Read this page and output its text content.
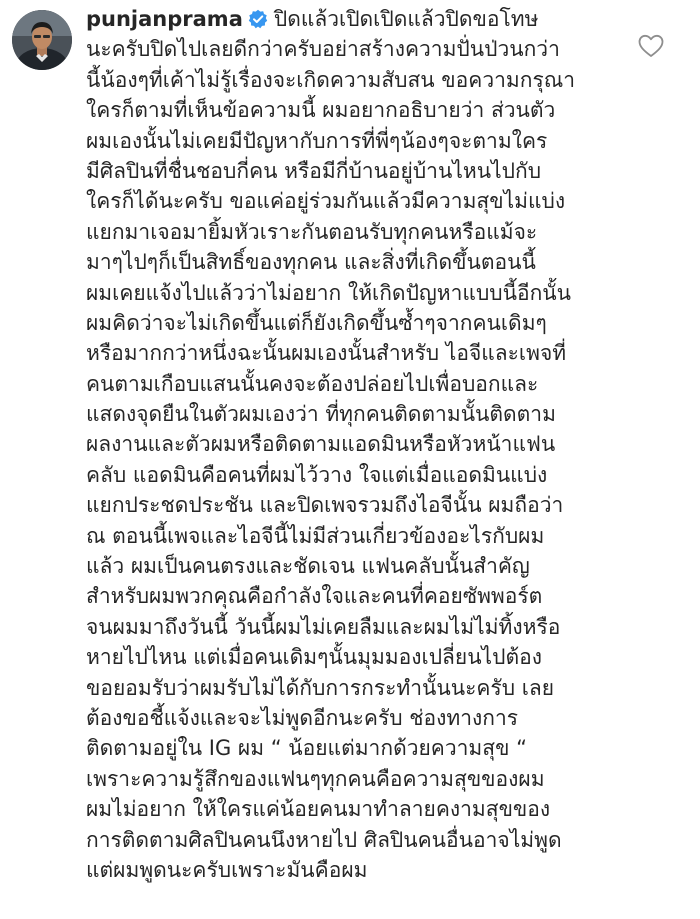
punjanprama ปิดแล้วเปิดเปิดแล้วปิดขอโทษ
นะครับปิดไปเลยดีกว่าครับอย่าสร้างความปั่นป่วนกว่า
นี้น้องๆที่เค้าไม่รู้เรื่องจะเกิดความสับสน ขอความกรุณา
ใครก็ตามที่เห็นข้อความนี้ ผมอยากอธิบายว่า ส่วนตัว
ผมเองนั้นไม่เคยมีปัญหากับการที่พี่ๆน้องๆจะตามใคร
มีศิลปินที่ชื่นชอบกี่คน หรือมีกี่บ้านอยู่บ้านไหนไปกับ
ใครก็ได้นะครับ ขอแค่อยู่ร่วมกันแล้วมีความสุขไม่แบ่ง
แยกมาเจอมายิ้มหัวเราะกันตอนรับทุกคนหรือแม้จะ
มาๆไปๆก็เป็นสิทธิ์ของทุกคน และสิ่งที่เกิดขึ้นตอนนี้
ผมเคยแจ้งไปแล้วว่าไม่อยาก ให้เกิดปัญหาแบบนี้อีกนั้น
ผมคิดว่าจะไม่เกิดขึ้นแต่ก็ยังเกิดขึ้นซ้ำๆจากคนเดิมๆ
หรือมากกว่าหนึ่งฉะนั้นผมเองนั้นสำหรับ ไอจีและเพจที่
คนตามเกือบแสนนั้นคงจะต้องปล่อยไปเพื่อบอกและ
แสดงจุดยืนในตัวผมเองว่า ที่ทุกคนติดตามนั้นติดตาม
ผลงานและตัวผมหรือติดตามแอดมินหรือหัวหน้าแฟน
คลับ แอดมินคือคนที่ผมไว้วาง ใจแต่เมื่อแอดมินแบ่ง
แยกประชดประชัน และปิดเพจรวมถึงไอจีนั้น ผมถือว่า
ณ ตอนนี้เพจและไอจีนี้ไม่มีส่วนเกี่ยวข้องอะไรกับผม
แล้ว ผมเป็นคนตรงและชัดเจน แฟนคลับนั้นสำคัญ
สำหรับผมพวกคุณคือกำลังใจและคนที่คอยซัพพอร์ต
จนผมมาถึงวันนี้ วันนี้ผมไม่เคยลืมและผมไม่ไม่ทิ้งหรือ
หายไปไหน แต่เมื่อคนเดิมๆนั้นมุมมองเปลี่ยนไปต้อง
ขอยอมรับว่าผมรับไม่ได้กับการกระทำนั้นนะครับ เลย
ต้องขอชี้แจ้งและจะไม่พูดอีกนะครับ ช่องทางการ
ติดตามอยู่ใน IG ผม “ น้อยแต่มากด้วยความสุข “
เพราะความรู้สึกของแฟนๆทุกคนคือความสุขของผม
ผมไม่อยาก ให้ใครแค่น้อยคนมาทำลายคงามสุขของ
การติดตามศิลปินคนนึงหายไป ศิลปินคนอื่นอาจไม่พูด
แต่ผมพูดนะครับเพราะมันคือผม
